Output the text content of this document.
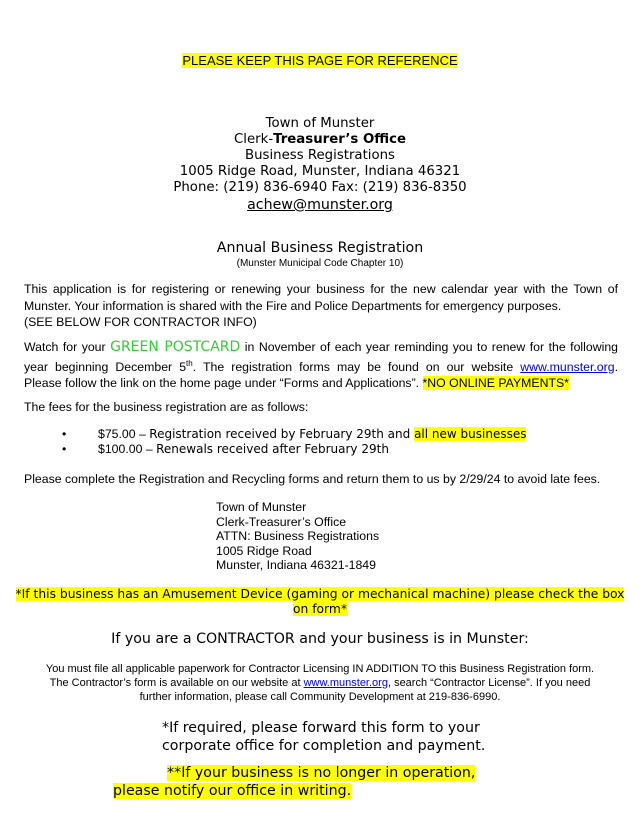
PLEASE KEEP THIS PAGE FOR REFERENCE
Town of Munster
Clerk-Treasurer’s Office
Business Registrations
1005 Ridge Road, Munster, Indiana 46321
Phone: (219) 836-6940 Fax: (219) 836-8350
achew@munster.org
Annual Business Registration
(Munster Municipal Code Chapter 10)
This application is for registering or renewing your business for the new calendar year with the Town of
Munster. Your information is shared with the Fire and Police Departments for emergency purposes.
(SEE BELOW FOR CONTRACTOR INFO)
Watch for your GREEN POSTCARD in November of each year reminding you to renew for the following
year beginning December 5th. The registration forms may be found on our website www.munster.org.
Please follow the link on the home page under “Forms and Applications”. *NO ONLINE PAYMENTS*
The fees for the business registration are as follows:
•	$75.00 – Registration received by February 29th and all new businesses
•	$100.00 – Renewals received after February 29th
Please complete the Registration and Recycling forms and return them to us by 2/29/24 to avoid late fees.
Town of Munster
Clerk-Treasurer’s Office
ATTN: Business Registrations
1005 Ridge Road
Munster, Indiana 46321-1849
*If this business has an Amusement Device (gaming or mechanical machine) please check the box
on form*
If you are a CONTRACTOR and your business is in Munster:
You must file all applicable paperwork for Contractor Licensing IN ADDITION TO this Business Registration form.
The Contractor’s form is available on our website at www.munster.org, search “Contractor License”. If you need
further information, please call Community Development at 219-836-6990.
*If required, please forward this form to your
corporate office for completion and payment.
**If your business is no longer in operation,
please notify our office in writing.
